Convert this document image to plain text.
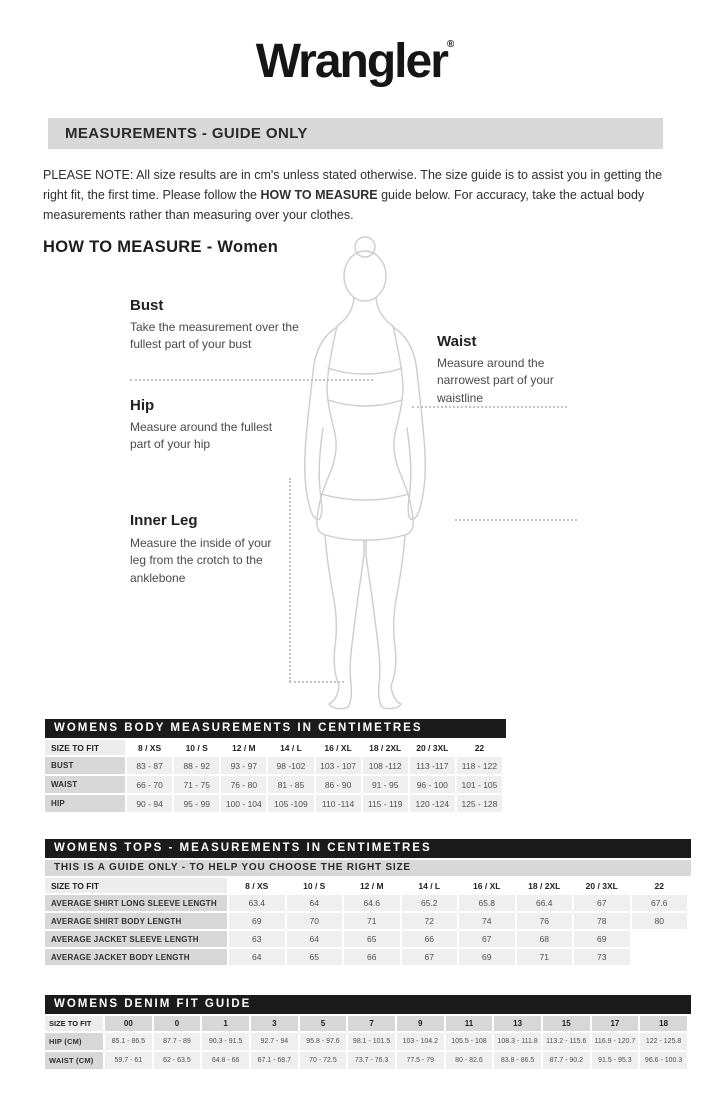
Wrangler®
MEASUREMENTS - GUIDE ONLY

PLEASE NOTE: All size results are in cm's unless stated otherwise. The size guide is to assist you in getting the right fit, the first time. Please follow the HOW TO MEASURE guide below. For accuracy, take the actual body measurements rather than measuring over your clothes.

HOW TO MEASURE - Women
Bust
Take the measurement over the fullest part of your bust	Waist
Measure around the narrowest part of your waistline
Hip
Measure around the fullest part of your hip
Inner Leg
Measure the inside of your leg from the crotch to the anklebone
WOMENS BODY MEASUREMENTS IN CENTIMETRES
SIZE TO FIT	8 / XS	10 / S	12 / M	14 / L	16 / XL	18 / 2XL	20 / 3XL	22
BUST	83 - 87	88 - 92	93 - 97	98 -102	103 - 107	108 -112	113 -117	118 - 122
WAIST	66 - 70	71 - 75	76 - 80	81 - 85	86 - 90	91 - 95	96 - 100	101 - 105
HIP	90 - 94	95 - 99	100 - 104	105 -109	110 -114	115 - 119	120 -124	125 - 128
WOMENS TOPS - MEASUREMENTS IN CENTIMETRES
THIS IS A GUIDE ONLY - TO HELP YOU CHOOSE THE RIGHT SIZE
SIZE TO FIT	8 / XS	10 / S	12 / M	14 / L	16 / XL	18 / 2XL	20 / 3XL	22
AVERAGE SHIRT LONG SLEEVE LENGTH	63.4	64	64.6	65.2	65.8	66.4	67	67.6
AVERAGE SHIRT BODY LENGTH	69	70	71	72	74	76	78	80
AVERAGE JACKET SLEEVE LENGTH	63	64	65	66	67	68	69	
AVERAGE JACKET BODY LENGTH	64	65	66	67	69	71	73	
WOMENS DENIM FIT GUIDE
SIZE TO FIT	00	0	1	3	5	7	9	11	13	15	17	18
HIP (CM)	85.1 - 86.5	87.7 - 89	90.3 - 91.5	92.7 - 94	95.8 - 97.6	98.1 - 101.5	103 - 104.2	105.5 - 108	108.3 - 111.8	113.2 - 115.6	116.9 - 120.7	122 - 125.8
WAIST (CM)	59.7 - 61	62 - 63.5	64.8 - 66	67.1 - 68.7	70 - 72.5	73.7 - 76.3	77.5 - 79	80 - 82.6	83.8 - 86.5	87.7 - 90.2	91.5 - 95.3	96.6 - 100.3
